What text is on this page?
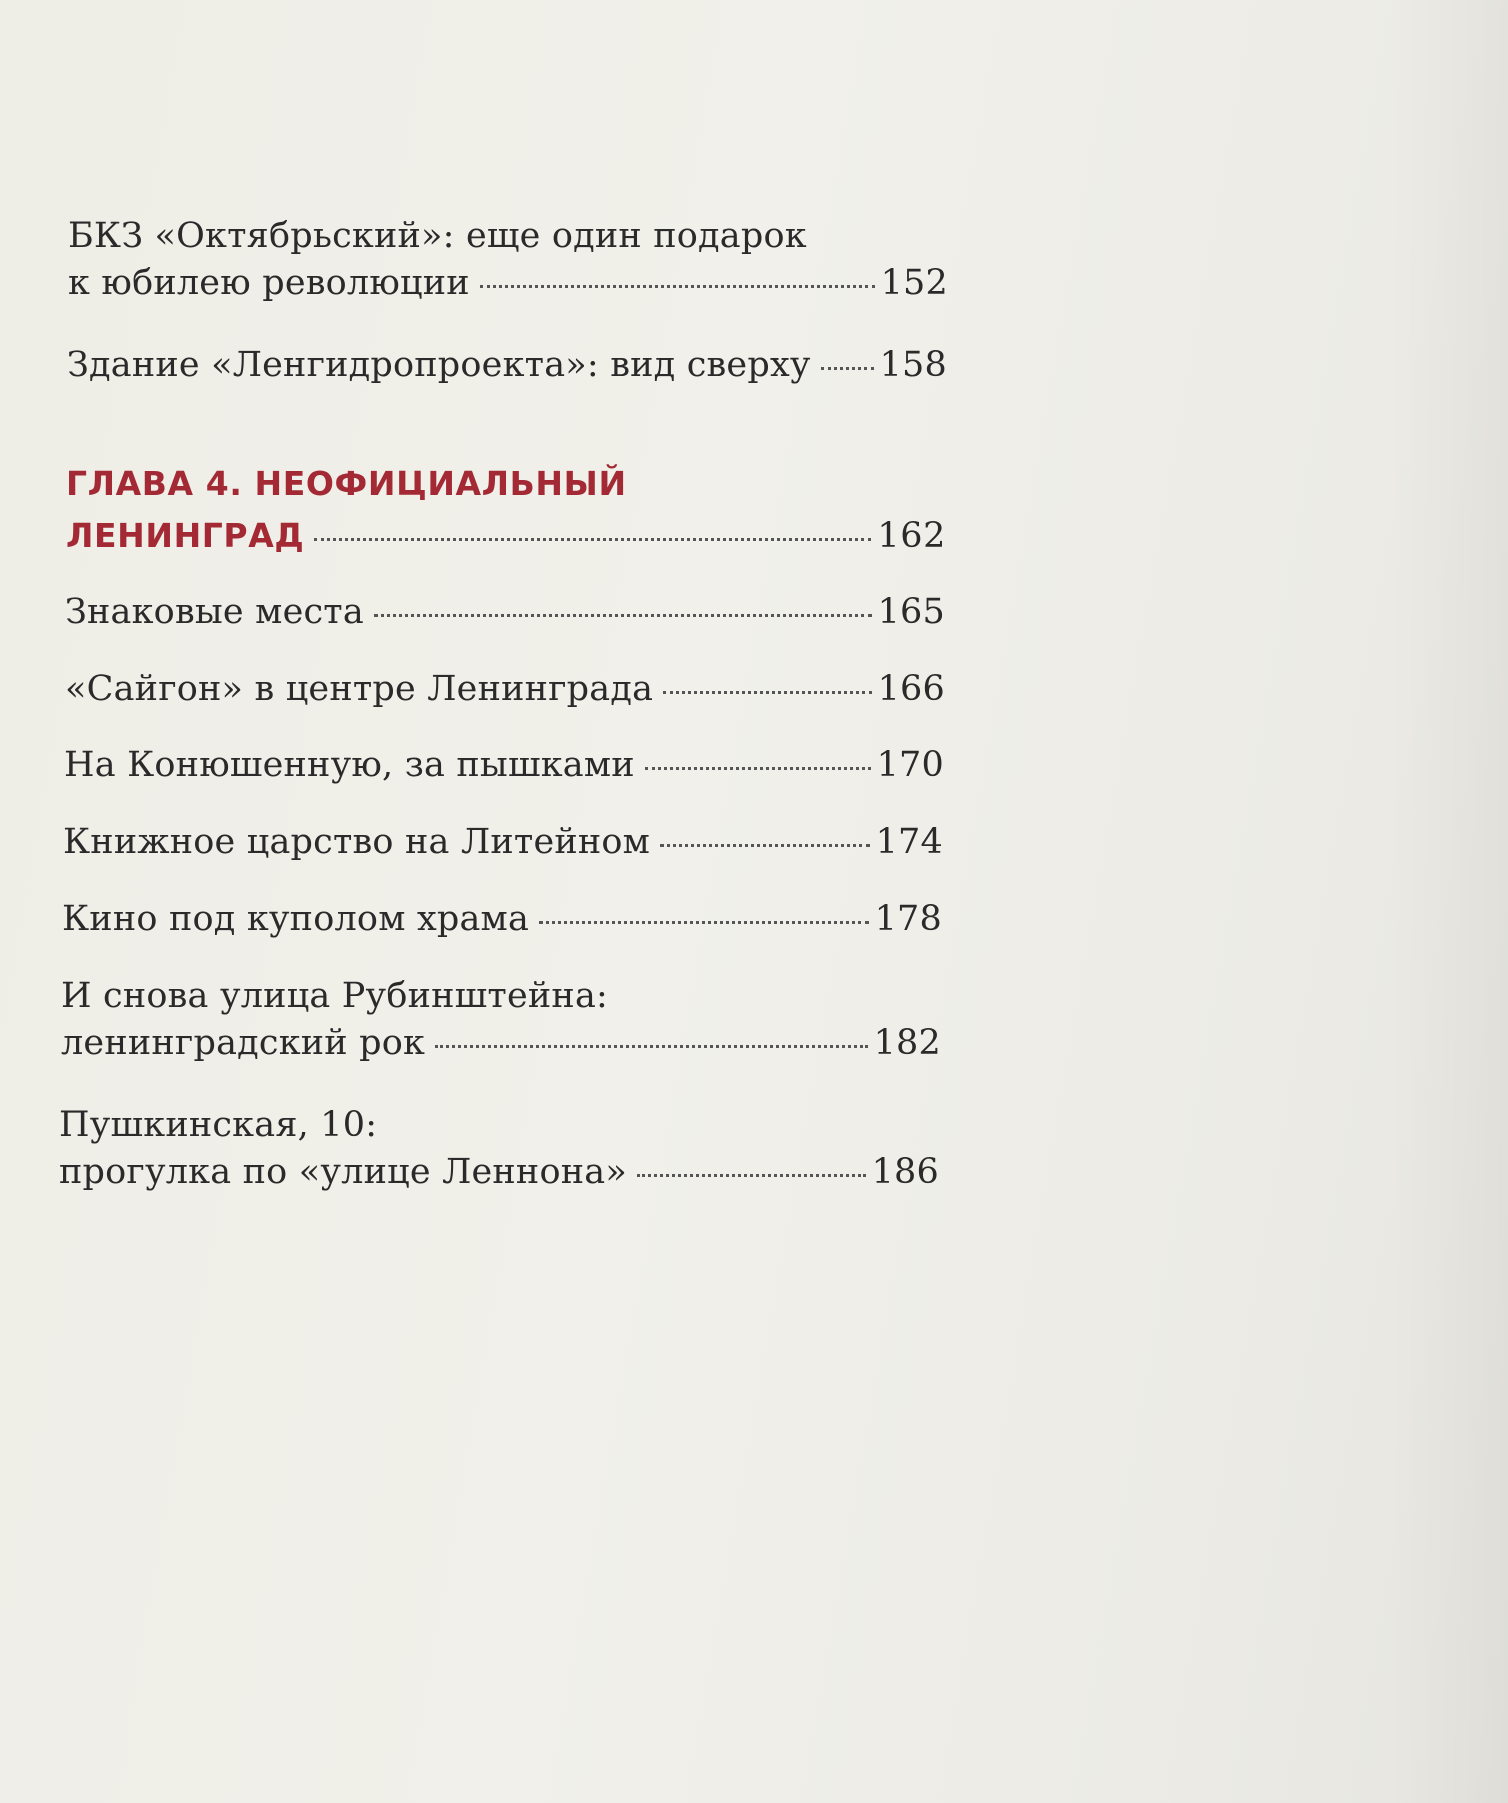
БКЗ «Октябрьский»: еще один подарок
к юбилею революции	152
Здание «Ленгидропроекта»: вид сверху 158
ГЛАВА 4. НЕОФИЦИАЛЬНЫЙ
ЛЕНИНГРАД	162
Знаковые места	165
«Сайгон» в центре Ленинграда	166
На Конюшенную, за пышками	170
Книжное царство на Литейном	174
Кино под куполом храма	178
И снова улица Рубинштейна:
ленинградский рок	182
Пушкинская, 10:
прогулка по «улице Леннона»	186
